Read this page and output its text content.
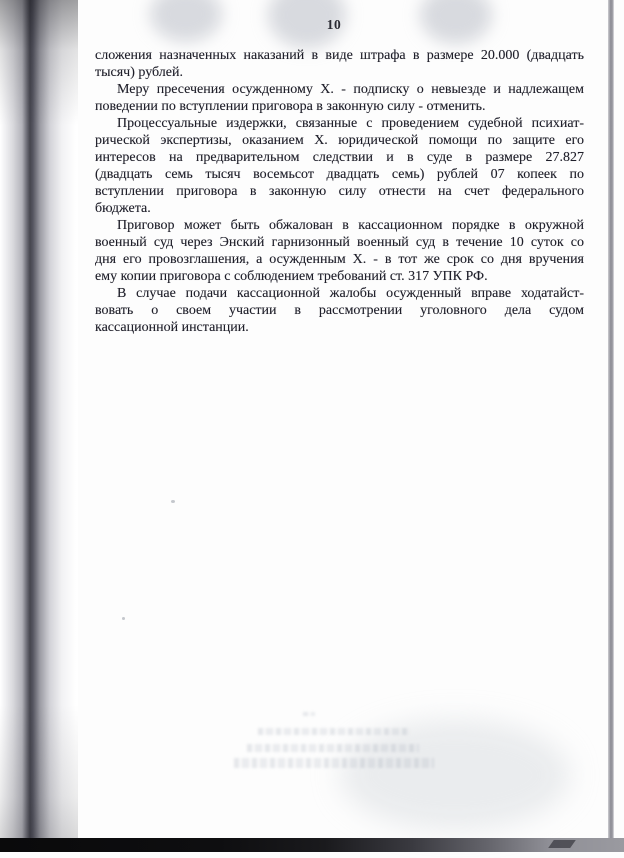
10
сложения назначенных наказаний в виде штрафа в размере 20.000 (двадцать
тысяч) рублей.
Меру пресечения осужденному Х. - подписку о невыезде и надлежащем
поведении по вступлении приговора в законную силу - отменить.
Процессуальные издержки, связанные с проведением судебной психиат-
рической экспертизы, оказанием Х. юридической помощи по защите его
интересов на предварительном следствии и в суде в размере 27.827
(двадцать семь тысяч восемьсот двадцать семь) рублей 07 копеек по
вступлении приговора в законную силу отнести на счет федерального
бюджета.
Приговор может быть обжалован в кассационном порядке в окружной
военный суд через Энский гарнизонный военный суд в течение 10 суток со
дня его провозглашения, а осужденным Х. - в тот же срок со дня вручения
ему копии приговора с соблюдением требований ст. 317 УПК РФ.
В случае подачи кассационной жалобы осужденный вправе ходатайст-
вовать о своем участии в рассмотрении уголовного дела судом
кассационной инстанции.
